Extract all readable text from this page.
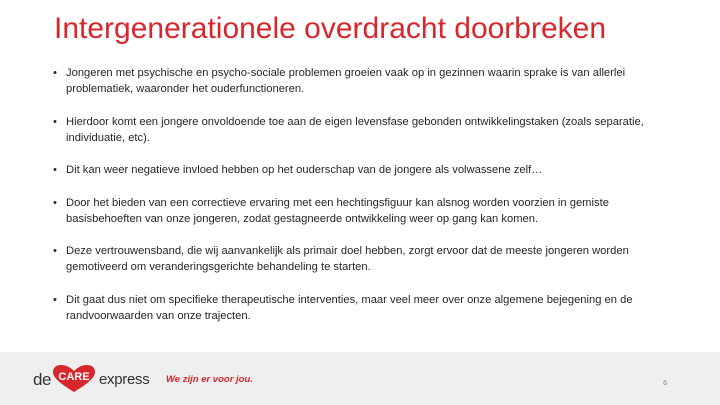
Intergenerationele overdracht doorbreken
• Jongeren met psychische en psycho-sociale problemen groeien vaak op in gezinnen waarin sprake is van allerlei problematiek, waaronder het ouderfunctioneren.
• Hierdoor komt een jongere onvoldoende toe aan de eigen levensfase gebonden ontwikkelingstaken (zoals separatie, individuatie, etc).
• Dit kan weer negatieve invloed hebben op het ouderschap van de jongere als volwassene zelf…
• Door het bieden van een correctieve ervaring met een hechtingsfiguur kan alsnog worden voorzien in gemiste basisbehoeften van onze jongeren, zodat gestagneerde ontwikkeling weer op gang kan komen.
• Deze vertrouwensband, die wij aanvankelijk als primair doel hebben, zorgt ervoor dat de meeste jongeren worden gemotiveerd om veranderingsgerichte behandeling te starten.
• Dit gaat dus niet om specifieke therapeutische interventies, maar veel meer over onze algemene bejegening en de randvoorwaarden van onze trajecten.
de CARE express We zijn er voor jou.	6
